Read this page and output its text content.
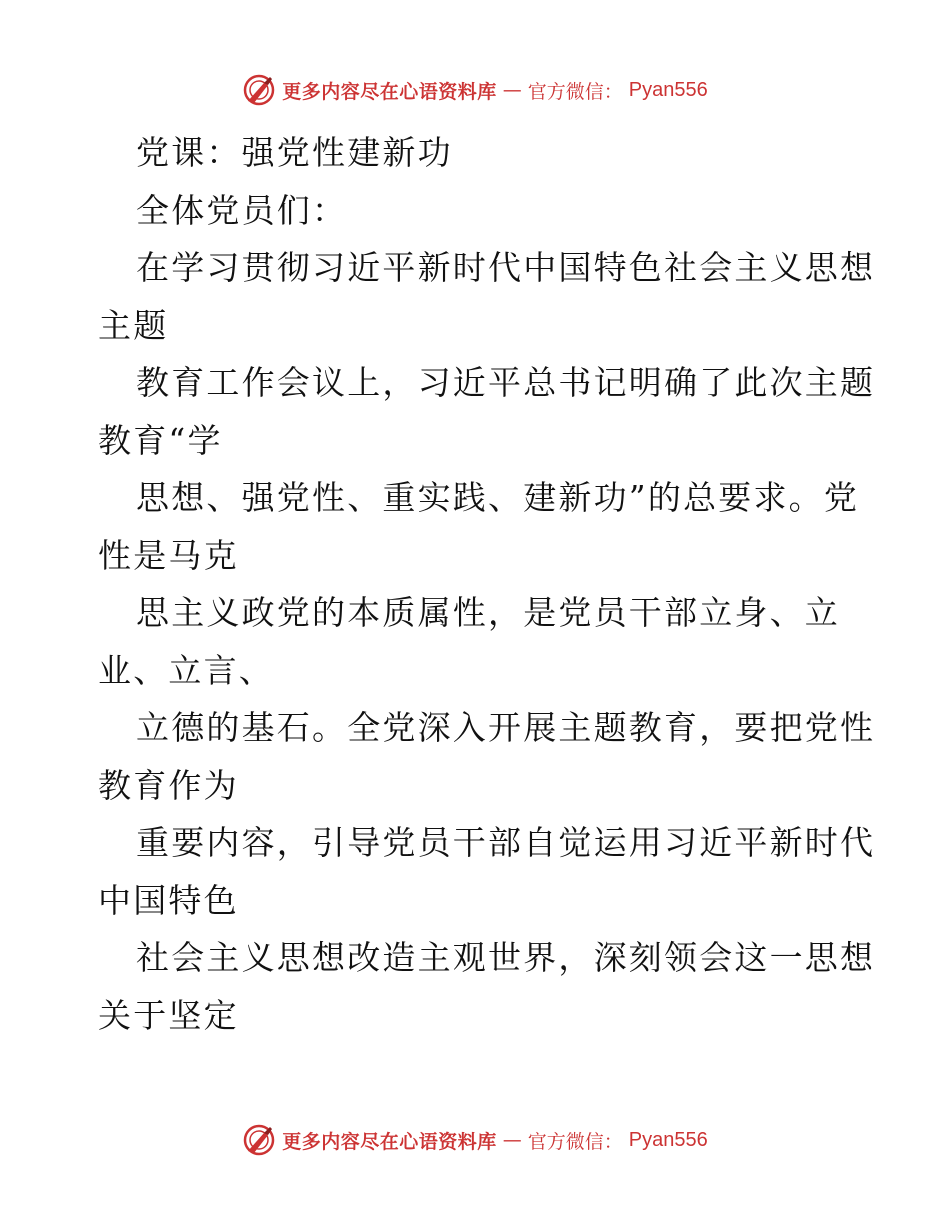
更多内容尽在心语资料库 — 官方微信： Pyan556
党课：强党性建新功
全体党员们：
在学习贯彻习近平新时代中国特色社会主义思想
主题
教育工作会议上，习近平总书记明确了此次主题
教育“学
思想、强党性、重实践、建新功”的总要求。党
性是马克
思主义政党的本质属性，是党员干部立身、立
业、立言、
立德的基石。全党深入开展主题教育，要把党性
教育作为
重要内容，引导党员干部自觉运用习近平新时代
中国特色
社会主义思想改造主观世界，深刻领会这一思想
关于坚定
更多内容尽在心语资料库 — 官方微信： Pyan556
